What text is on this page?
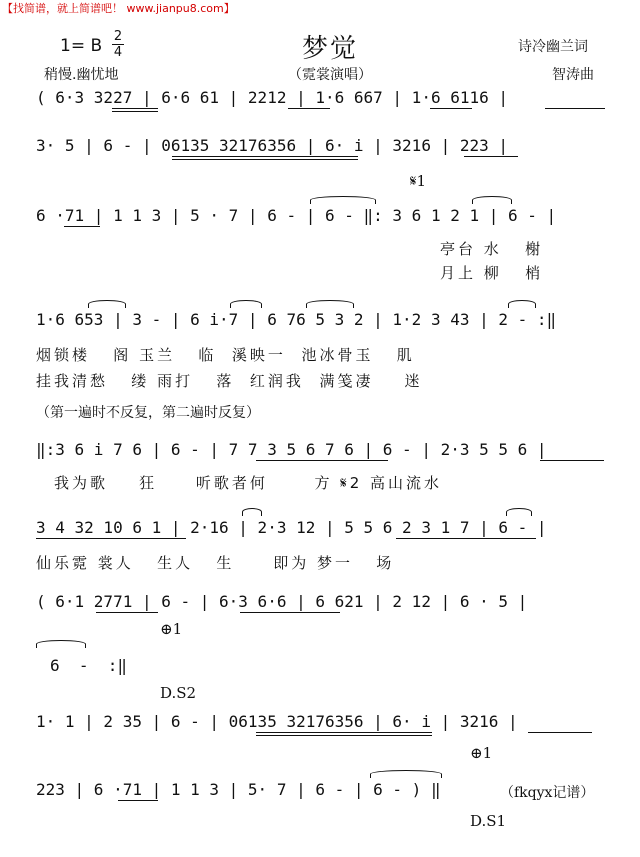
【找简谱，就上简谱吧！ www.jianpu8.com】
梦觉
1= B 2
4	诗冷幽兰词
稍慢.幽忧地	（霓裳演唱）	智涛曲
( 6·3 3227 | 6·6 61 | 2212 | 1·6 667 | 1·6 6116 |
3· 5 | 6 - | 06135 32176356 | 6· i | 3216 | 223 |
𝄋1
6 ·71 | 1 1 3 | 5 · 7 | 6 - | 6 - ‖: 3 6 1 2 1 | 6 - |
亭台 水   榭
月上 柳   梢
1·6 653 | 3 - | 6 i·7 | 6 76 5 3 2 | 1·2 3 43 | 2 - :‖
烟锁楼   阁 玉兰   临  溪映一  池冰骨玉   肌
挂我清愁   缕 雨打   落  红润我  满笺凄    迷
（第一遍时不反复，第二遍时反复）
‖:3 6 i 7 6 | 6 - | 7 7 3 5 6 7 6 | 6 - | 2·3 5 5 6 |
我为歌    狂     听歌者何      方 𝄋2 高山流水
3 4 32 10 6 1 | 2·16 | 2·3 12 | 5 5 6 2 3 1 7 | 6 - |
仙乐霓 裳人   生人   生     即为 梦一   场
( 6·1 2771 | 6 - | 6·3 6·6 | 6 621 | 2 12 | 6 · 5 |
⊕1
6  -  :‖
D.S2
1· 1 | 2 35 | 6 - | 06135 32176356 | 6· i | 3216 |
⊕1
223 | 6 ·71 | 1 1 3 | 5· 7 | 6 - | 6 - ) ‖	（fkqyx记谱）
D.S1
